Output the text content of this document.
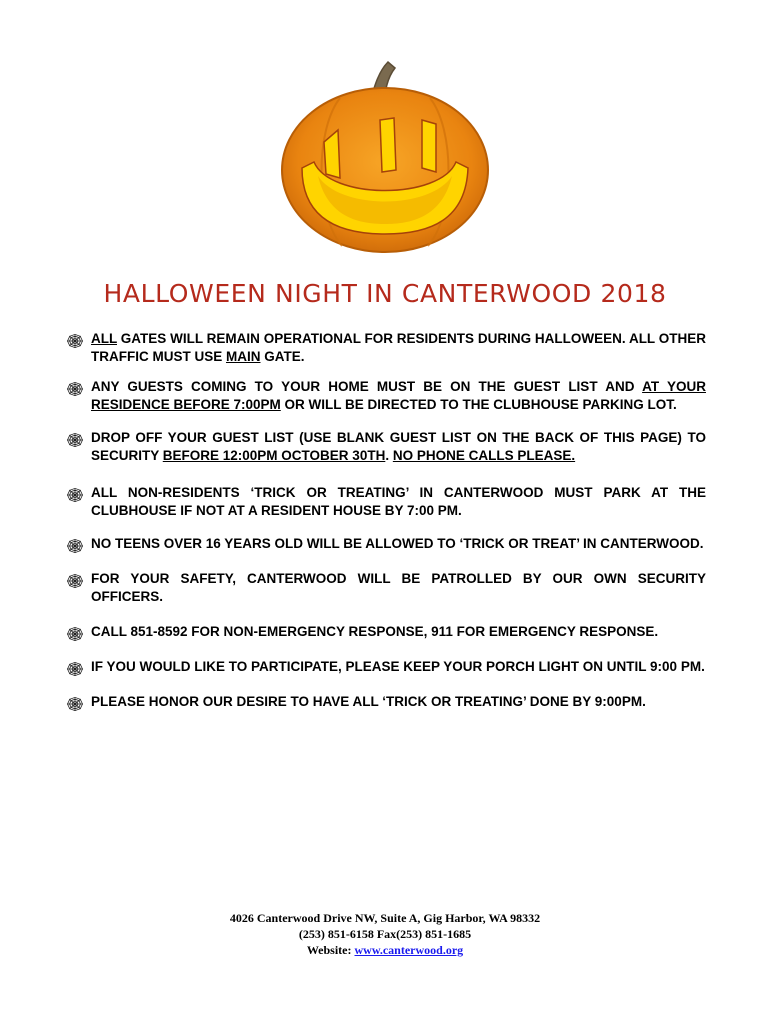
HALLOWEEN NIGHT IN CANTERWOOD 2018
ALL GATES WILL REMAIN OPERATIONAL FOR RESIDENTS DURING HALLOWEEN. ALL OTHER TRAFFIC MUST USE MAIN GATE.
ANY GUESTS COMING TO YOUR HOME MUST BE ON THE GUEST LIST AND AT YOUR RESIDENCE BEFORE 7:00PM OR WILL BE DIRECTED TO THE CLUBHOUSE PARKING LOT.
DROP OFF YOUR GUEST LIST (USE BLANK GUEST LIST ON THE BACK OF THIS PAGE) TO SECURITY BEFORE 12:00PM OCTOBER 30TH. NO PHONE CALLS PLEASE.
ALL NON-RESIDENTS ‘TRICK OR TREATING’ IN CANTERWOOD MUST PARK AT THE CLUBHOUSE IF NOT AT A RESIDENT HOUSE BY 7:00 PM.
NO TEENS OVER 16 YEARS OLD WILL BE ALLOWED TO ‘TRICK OR TREAT’ IN CANTERWOOD.
FOR YOUR SAFETY, CANTERWOOD WILL BE PATROLLED BY OUR OWN SECURITY OFFICERS.
CALL 851-8592 FOR NON-EMERGENCY RESPONSE, 911 FOR EMERGENCY RESPONSE.
IF YOU WOULD LIKE TO PARTICIPATE, PLEASE KEEP YOUR PORCH LIGHT ON UNTIL 9:00 PM.
PLEASE HONOR OUR DESIRE TO HAVE ALL ‘TRICK OR TREATING’ DONE BY 9:00PM.
4026 Canterwood Drive NW, Suite A, Gig Harbor, WA 98332
(253) 851-6158 Fax(253) 851-1685
Website: www.canterwood.org
